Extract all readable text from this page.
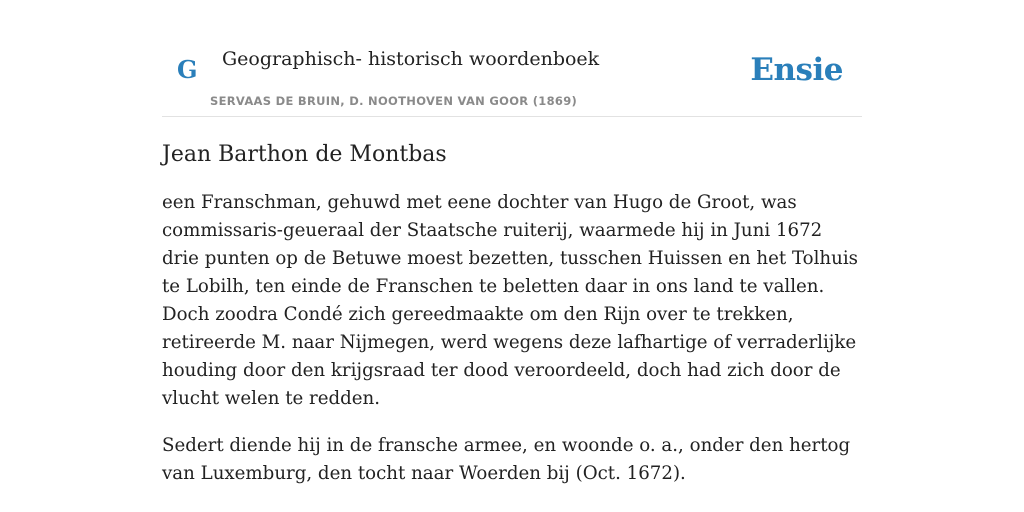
G Geographisch- historisch woordenboek
SERVAAS DE BRUIN, D. NOOTHOVEN VAN GOOR (1869)
Ensie
Jean Barthon de Montbas

een Franschman, gehuwd met eene dochter van Hugo de Groot, was commissaris-geueraal der Staatsche ruiterij, waarmede hij in Juni 1672 drie punten op de Betuwe moest bezetten, tusschen Huissen en het Tolhuis te Lobilh, ten einde de Franschen te beletten daar in ons land te vallen. Doch zoodra Condé zich gereedmaakte om den Rijn over te trekken, retireerde M. naar Nijmegen, werd wegens deze lafhartige of verraderlijke houding door den krijgsraad ter dood veroordeeld, doch had zich door de vlucht welen te redden.

Sedert diende hij in de fransche armee, en woonde o. a., onder den hertog van Luxemburg, den tocht naar Woerden bij (Oct. 1672).
